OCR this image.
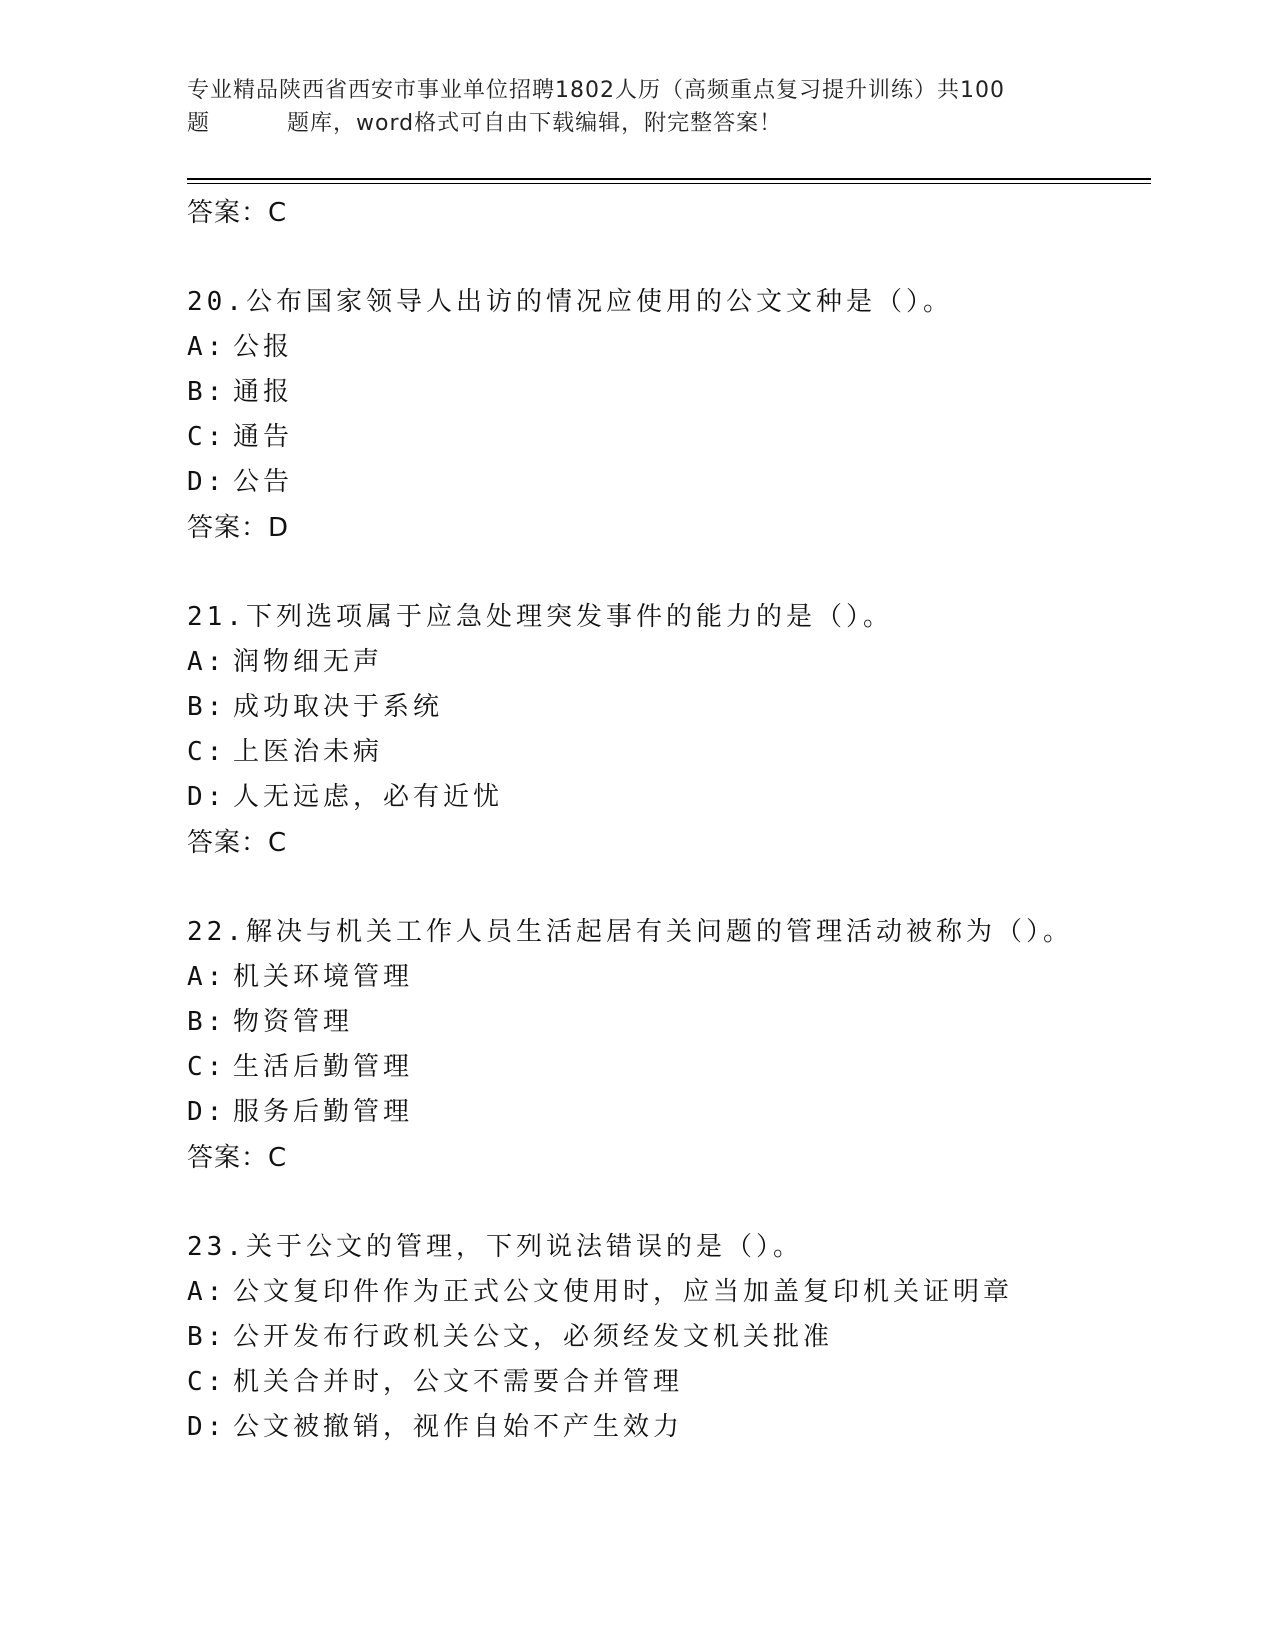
专业精品陕西省西安市事业单位招聘1802人历（高频重点复习提升训练）共100
题	题库，word格式可自由下载编辑，附完整答案！
答案：C
20.公布国家领导人出访的情况应使用的公文文种是（）。
A: 公报
B: 通报
C: 通告
D: 公告
答案：D
21.下列选项属于应急处理突发事件的能力的是（）。
A: 润物细无声
B: 成功取决于系统
C: 上医治未病
D: 人无远虑，必有近忧
答案：C
22.解决与机关工作人员生活起居有关问题的管理活动被称为（）。
A: 机关环境管理
B: 物资管理
C: 生活后勤管理
D: 服务后勤管理
答案：C
23.关于公文的管理，下列说法错误的是（）。
A: 公文复印件作为正式公文使用时，应当加盖复印机关证明章
B: 公开发布行政机关公文，必须经发文机关批准
C: 机关合并时，公文不需要合并管理
D: 公文被撤销，视作自始不产生效力
